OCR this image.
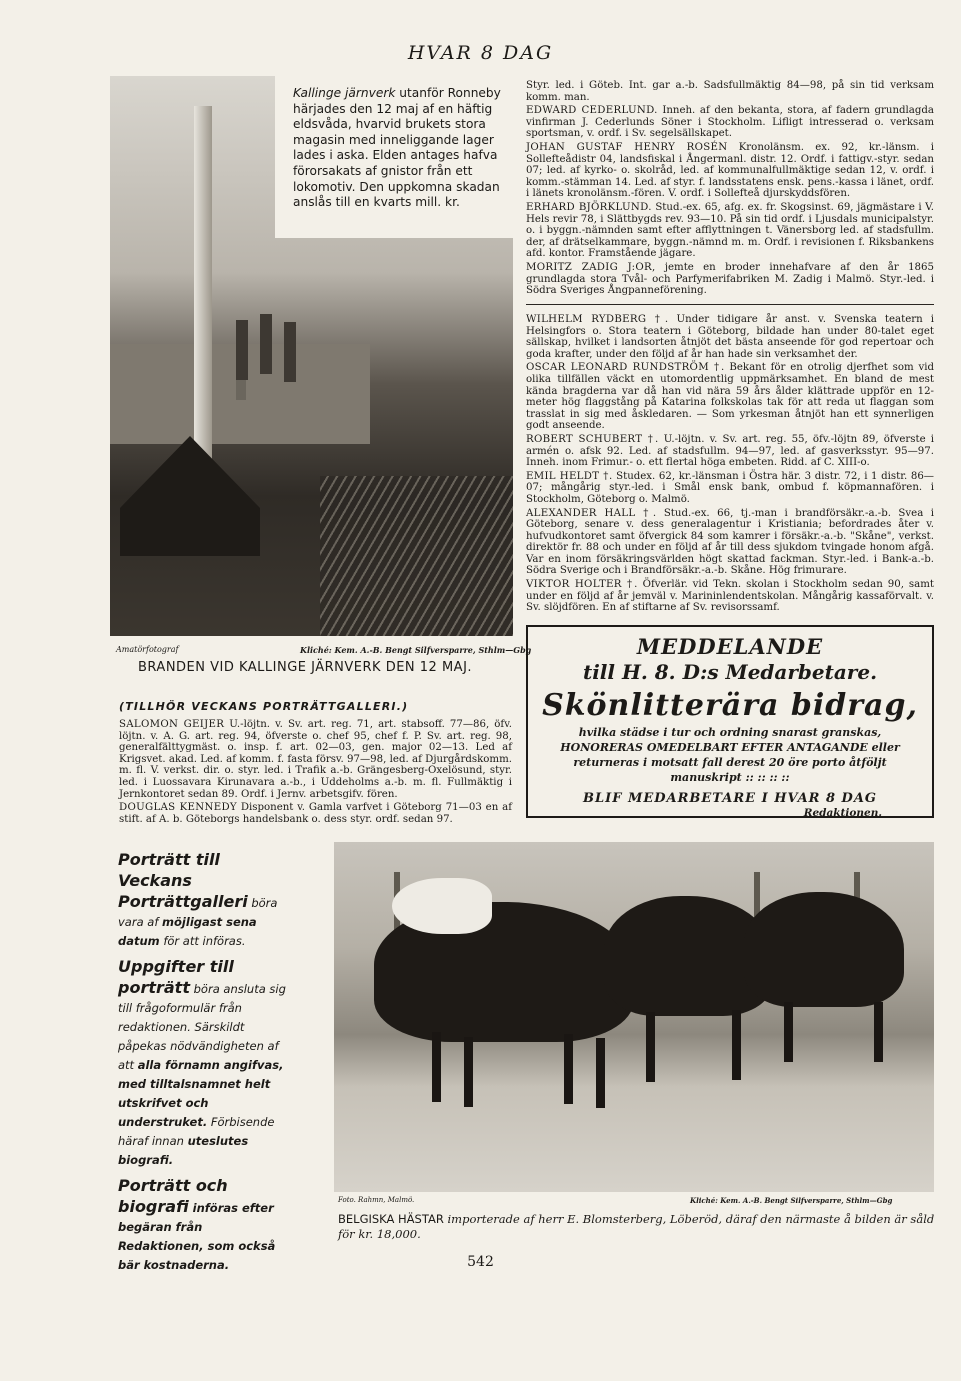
HVAR 8 DAG
Kallinge järnverk utanför Ronneby härjades den 12 maj af en häftig eldsvåda, hvarvid brukets stora magasin med inneliggande lager lades i aska. Elden antages hafva förorsakats af gnistor från ett lokomotiv. Den uppkomna skadan anslås till en kvarts mill. kr.
Amatörfotograf	Kliché: Kem. A.-B. Bengt Silfversparre, Sthlm—Gbg
BRANDEN VID KALLINGE JÄRNVERK DEN 12 MAJ.
(TILLHÖR VECKANS PORTRÄTTGALLERI.)

SALOMON GEIJER U.-löjtn. v. Sv. art. reg. 71, art. stabsoff. 77—86, öfv. löjtn. v. A. G. art. reg. 94, öfverste o. chef 95, chef f. P. Sv. art. reg. 98, generalfälttygmäst. o. insp. f. art. 02—03, gen. major 02—13. Led af Krigsvet. akad. Led. af komm. f. fasta försv. 97—98, led. af Djurgårdskomm. m. fl. V. verkst. dir. o. styr. led. i Trafik a.-b. Grängesberg-Oxelösund, styr. led. i Luossavara Kirunavara a.-b., i Uddeholms a.-b. m. fl. Fullmäktig i Jernkontoret sedan 89. Ordf. i Jernv. arbetsgifv. fören.

DOUGLAS KENNEDY Disponent v. Gamla varfvet i Göteborg 71—03 en af stift. af A. b. Göteborgs handelsbank o. dess styr. ordf. sedan 97.

Styr. led. i Göteb. Int. gar a.-b. Sadsfullmäktig 84—98, på sin tid verksam komm. man.

EDWARD CEDERLUND. Inneh. af den bekanta, stora, af fadern grundlagda vinfirman J. Cederlunds Söner i Stockholm. Lifligt intresserad o. verksam sportsman, v. ordf. i Sv. segelsällskapet.

JOHAN GUSTAF HENRY ROSÉN Kronolänsm. ex. 92, kr.-länsm. i Sollefteådistr 04, landsfiskal i Ångermanl. distr. 12. Ordf. i fattigv.-styr. sedan 07; led. af kyrko- o. skolråd, led. af kommunalfullmäktige sedan 12, v. ordf. i komm.-stämman 14. Led. af styr. f. landsstatens ensk. pens.-kassa i länet, ordf. i länets kronolänsm.-fören. V. ordf. i Sollefteå djurskyddsfören.

ERHARD BJÖRKLUND. Stud.-ex. 65, afg. ex. fr. Skogsinst. 69, jägmästare i V. Hels revir 78, i Slättbygds rev. 93—10. På sin tid ordf. i Ljusdals municipalstyr. o. i byggn.-nämnden samt efter afflyttningen t. Vänersborg led. af stadsfullm. der, af drätselkammare, byggn.-nämnd m. m. Ordf. i revisionen f. Riksbankens afd. kontor. Framstående jägare.

MORITZ ZADIG J:OR, jemte en broder innehafvare af den år 1865 grundlagda stora Tvål- och Parfymerifabriken M. Zadig i Malmö. Styr.-led. i Södra Sveriges Ångpanneförening.

WILHELM RYDBERG †. Under tidigare år anst. v. Svenska teatern i Helsingfors o. Stora teatern i Göteborg, bildade han under 80-talet eget sällskap, hvilket i landsorten åtnjöt det bästa anseende för god repertoar och goda krafter, under den följd af år han hade sin verksamhet der.

OSCAR LEONARD RUNDSTRÖM †. Bekant för en otrolig djerfhet som vid olika tillfällen väckt en utomordentlig uppmärksamhet. En bland de mest kända bragderna var då han vid nära 59 års ålder klättrade uppför en 12-meter hög flaggstång på Katarina folkskolas tak för att reda ut flaggan som trasslat in sig med åskledaren. — Som yrkesman åtnjöt han ett synnerligen godt anseende.

ROBERT SCHUBERT †. U.-löjtn. v. Sv. art. reg. 55, öfv.-löjtn 89, öfverste i armén o. afsk 92. Led. af stadsfullm. 94—97, led. af gasverksstyr. 95—97. Inneh. inom Frimur.- o. ett flertal höga embeten. Ridd. af C. XIII-o.

EMIL HELDT †. Studex. 62, kr.-länsman i Östra här. 3 distr. 72, i 1 distr. 86—07; mångårig styr.-led. i Smål ensk bank, ombud f. köpmannafören. i Stockholm, Göteborg o. Malmö.

ALEXANDER HALL †. Stud.-ex. 66, tj.-man i brandförsäkr.-a.-b. Svea i Göteborg, senare v. dess generalagentur i Kristiania; befordrades åter v. hufvudkontoret samt öfvergick 84 som kamrer i försäkr.-a.-b. "Skåne", verkst. direktör fr. 88 och under en följd af år till dess sjukdom tvingade honom afgå. Var en inom försäkringsvärlden högt skattad fackman. Styr.-led. i Bank-a.-b. Södra Sverige och i Brandförsäkr.-a.-b. Skåne. Hög frimurare.

VIKTOR HOLTER †. Öfverlär. vid Tekn. skolan i Stockholm sedan 90, samt under en följd af år jemväl v. Marininlendentskolan. Mångårig kassaförvalt. v. Sv. slöjdfören. En af stiftarne af Sv. revisorssamf.

MEDDELANDE
till H. 8. D:s Medarbetare.
Skönlitterära bidrag,
hvilka städse i tur och ordning snarast granskas, HONORERAS OMEDELBART EFTER ANTAGANDE eller returneras i motsatt fall derest 20 öre porto åtföljt manuskript :: :: :: ::
BLIF MEDARBETARE I HVAR 8 DAG
Redaktionen.

Porträtt till Veckans Porträttgalleri böra vara af möjligast sena datum för att införas.

Uppgifter till porträtt böra ansluta sig till frågoformulär från redaktionen. Särskildt påpekas nödvändigheten af att alla förnamn angifvas, med tilltalsnamnet helt utskrifvet och understruket. Förbisende häraf innan uteslutes biografi.

Porträtt och biografi införas efter begäran från Redaktionen, som också bär kostnaderna.

Foto. Rahmn, Malmö.	Kliché: Kem. A.-B. Bengt Silfversparre, Sthlm—Gbg
BELGISKA HÄSTAR importerade af herr E. Blomsterberg, Löberöd, däraf den närmaste å bilden är såld för kr. 18,000.
542
